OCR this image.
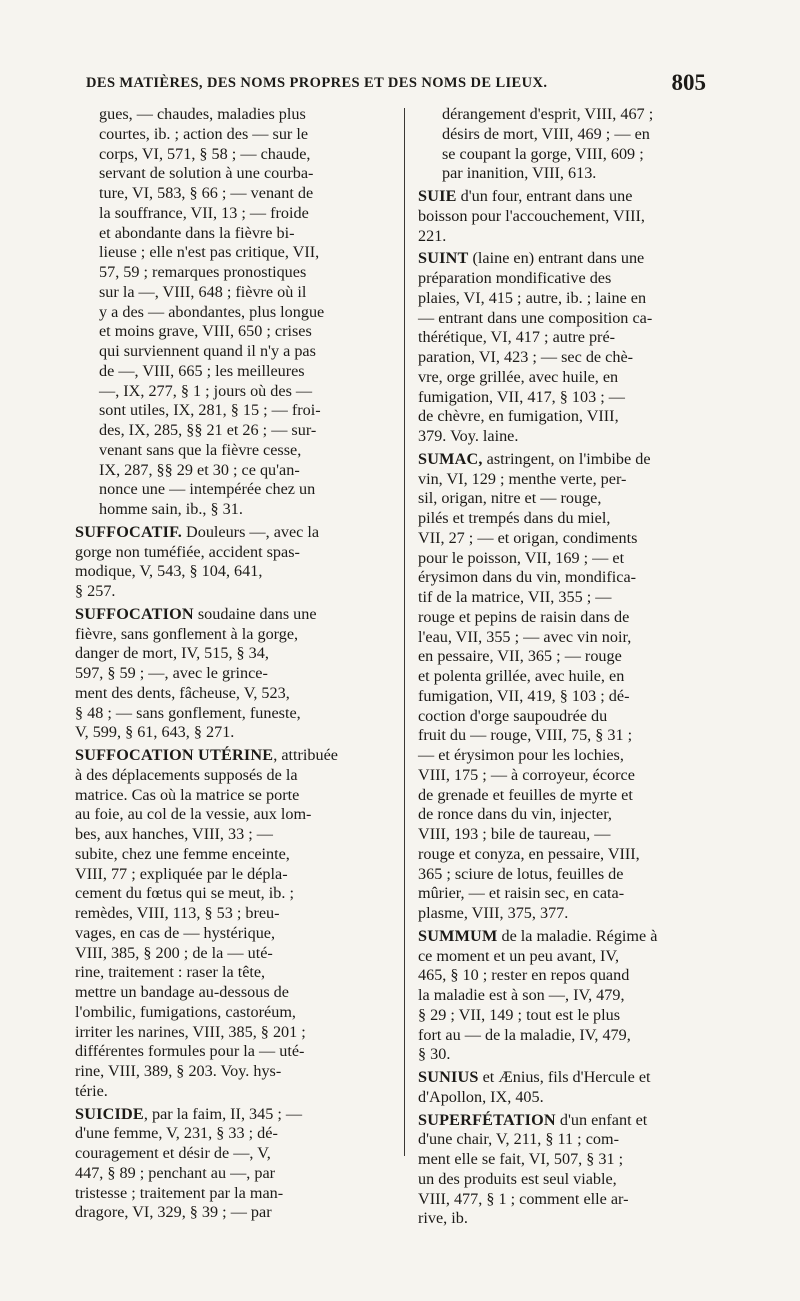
DES MATIÈRES, DES NOMS PROPRES ET DES NOMS DE LIEUX.	805
gues, — chaudes, maladies plus
courtes, ib. ; action des — sur le
corps, VI, 571, § 58 ; — chaude,
servant de solution à une courba-
ture, VI, 583, § 66 ; — venant de
la souffrance, VII, 13 ; — froide
et abondante dans la fièvre bi-
lieuse ; elle n'est pas critique, VII,
57, 59 ; remarques pronostiques
sur la —, VIII, 648 ; fièvre où il
y a des — abondantes, plus longue
et moins grave, VIII, 650 ; crises
qui surviennent quand il n'y a pas
de —, VIII, 665 ; les meilleures
—, IX, 277, § 1 ; jours où des —
sont utiles, IX, 281, § 15 ; — froi-
des, IX, 285, §§ 21 et 26 ; — sur-
venant sans que la fièvre cesse,
IX, 287, §§ 29 et 30 ; ce qu'an-
nonce une — intempérée chez un
homme sain, ib., § 31.
SUFFOCATIF. Douleurs —, avec la
gorge non tuméfiée, accident spas-
modique, V, 543, § 104, 641,
§ 257.
SUFFOCATION soudaine dans une
fièvre, sans gonflement à la gorge,
danger de mort, IV, 515, § 34,
597, § 59 ; —, avec le grince-
ment des dents, fâcheuse, V, 523,
§ 48 ; — sans gonflement, funeste,
V, 599, § 61, 643, § 271.
SUFFOCATION UTÉRINE, attribuée
à des déplacements supposés de la
matrice. Cas où la matrice se porte
au foie, au col de la vessie, aux lom-
bes, aux hanches, VIII, 33 ; —
subite, chez une femme enceinte,
VIII, 77 ; expliquée par le dépla-
cement du fœtus qui se meut, ib. ;
remèdes, VIII, 113, § 53 ; breu-
vages, en cas de — hystérique,
VIII, 385, § 200 ; de la — uté-
rine, traitement : raser la tête,
mettre un bandage au-dessous de
l'ombilic, fumigations, castoréum,
irriter les narines, VIII, 385, § 201 ;
différentes formules pour la — uté-
rine, VIII, 389, § 203. Voy. hys-
térie.
SUICIDE, par la faim, II, 345 ; —
d'une femme, V, 231, § 33 ; dé-
couragement et désir de —, V,
447, § 89 ; penchant au —, par
tristesse ; traitement par la man-
dragore, VI, 329, § 39 ; — par
dérangement d'esprit, VIII, 467 ;
désirs de mort, VIII, 469 ; — en
se coupant la gorge, VIII, 609 ;
par inanition, VIII, 613.
SUIE d'un four, entrant dans une
boisson pour l'accouchement, VIII,
221.
SUINT (laine en) entrant dans une
préparation mondificative des
plaies, VI, 415 ; autre, ib. ; laine en
— entrant dans une composition ca-
thérétique, VI, 417 ; autre pré-
paration, VI, 423 ; — sec de chè-
vre, orge grillée, avec huile, en
fumigation, VII, 417, § 103 ; —
de chèvre, en fumigation, VIII,
379. Voy. laine.
SUMAC, astringent, on l'imbibe de
vin, VI, 129 ; menthe verte, per-
sil, origan, nitre et — rouge,
pilés et trempés dans du miel,
VII, 27 ; — et origan, condiments
pour le poisson, VII, 169 ; — et
érysimon dans du vin, mondifica-
tif de la matrice, VII, 355 ; —
rouge et pepins de raisin dans de
l'eau, VII, 355 ; — avec vin noir,
en pessaire, VII, 365 ; — rouge
et polenta grillée, avec huile, en
fumigation, VII, 419, § 103 ; dé-
coction d'orge saupoudrée du
fruit du — rouge, VIII, 75, § 31 ;
— et érysimon pour les lochies,
VIII, 175 ; — à corroyeur, écorce
de grenade et feuilles de myrte et
de ronce dans du vin, injecter,
VIII, 193 ; bile de taureau, —
rouge et conyza, en pessaire, VIII,
365 ; sciure de lotus, feuilles de
mûrier, — et raisin sec, en cata-
plasme, VIII, 375, 377.
SUMMUM de la maladie. Régime à
ce moment et un peu avant, IV,
465, § 10 ; rester en repos quand
la maladie est à son —, IV, 479,
§ 29 ; VII, 149 ; tout est le plus
fort au — de la maladie, IV, 479,
§ 30.
SUNIUS et Ænius, fils d'Hercule et
d'Apollon, IX, 405.
SUPERFÉTATION d'un enfant et
d'une chair, V, 211, § 11 ; com-
ment elle se fait, VI, 507, § 31 ;
un des produits est seul viable,
VIII, 477, § 1 ; comment elle ar-
rive, ib.
